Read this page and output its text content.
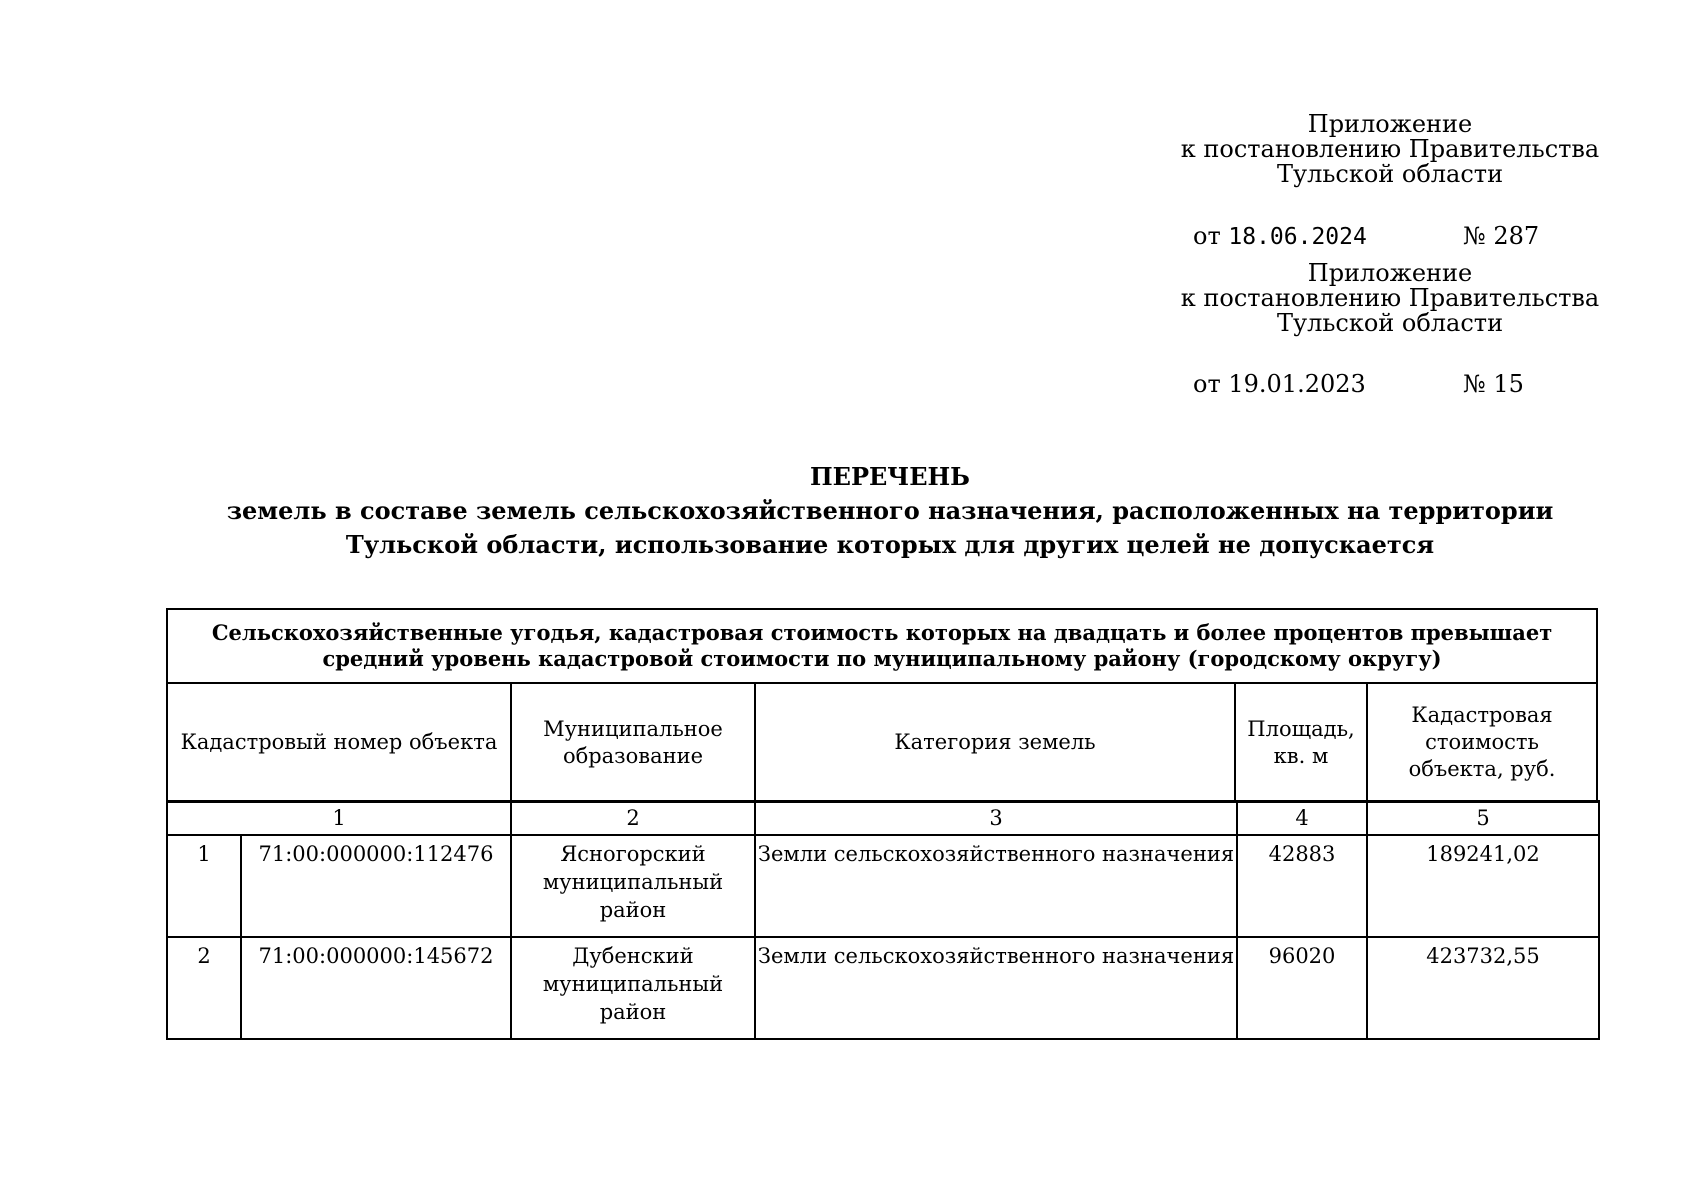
Приложение
к постановлению Правительства
Тульской области
от 18.06.2024	№ 287
Приложение
к постановлению Правительства
Тульской области
от 19.01.2023	№ 15
ПЕРЕЧЕНЬ
земель в составе земель сельскохозяйственного назначения, расположенных на территории
Тульской области, использование которых для других целей не допускается
Сельскохозяйственные угодья, кадастровая стоимость которых на двадцать и более процентов превышает
средний уровень кадастровой стоимости по муниципальному району (городскому округу)

Кадастровый номер объекта	Муниципальное образование	Категория земель	Площадь, кв. м	Кадастровая стоимость объекта, руб.
1		2	3	4	5
1	71:00:000000:112476	Ясногорский муниципальный район	Земли сельскохозяйственного назначения	42883	189241,02
2	71:00:000000:145672	Дубенский муниципальный район	Земли сельскохозяйственного назначения	96020	423732,55
